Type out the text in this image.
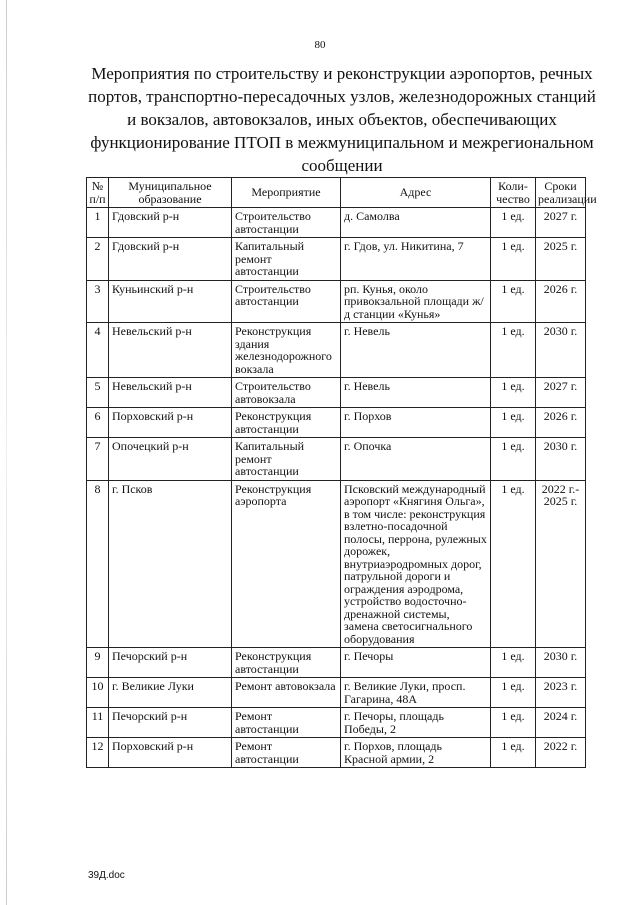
80
Мероприятия по строительству и реконструкции аэропортов, речных портов, транспортно-пересадочных узлов, железнодорожных станций и вокзалов, автовокзалов, иных объектов, обеспечивающих функционирование ПТОП в межмуниципальном и межрегиональном сообщении
№ п/п	Муниципальное образование	Мероприятие	Адрес	Коли-чество	Сроки реализации
1	Гдовский р-н	Строительство автостанции	д. Самолва	1 ед.	2027 г.
2	Гдовский р-н	Капитальный ремонт автостанции	г. Гдов, ул. Никитина, 7	1 ед.	2025 г.
3	Куньинский р-н	Строительство автостанции	рп. Кунья, около привокзальной площади ж/д станции «Кунья»	1 ед.	2026 г.
4	Невельский р-н	Реконструкция здания железнодорожного вокзала	г. Невель	1 ед.	2030 г.
5	Невельский р-н	Строительство автовокзала	г. Невель	1 ед.	2027 г.
6	Порховский р-н	Реконструкция автостанции	г. Порхов	1 ед.	2026 г.
7	Опочецкий р-н	Капитальный ремонт автостанции	г. Опочка	1 ед.	2030 г.
8	г. Псков	Реконструкция аэропорта	Псковский международный аэропорт «Княгиня Ольга», в том числе: реконструкция взлетно-посадочной полосы, перрона, рулежных дорожек, внутриаэродромных дорог, патрульной дороги и ограждения аэродрома, устройство водосточно-дренажной системы, замена светосигнального оборудования	1 ед.	2022 г.- 2025 г.
9	Печорский р-н	Реконструкция автостанции	г. Печоры	1 ед.	2030 г.
10	г. Великие Луки	Ремонт автовокзала	г. Великие Луки, просп. Гагарина, 48А	1 ед.	2023 г.
11	Печорский р-н	Ремонт автостанции	г. Печоры, площадь Победы, 2	1 ед.	2024 г.
12	Порховский р-н	Ремонт автостанции	г. Порхов, площадь Красной армии, 2	1 ед.	2022 г.
39Д.doc
